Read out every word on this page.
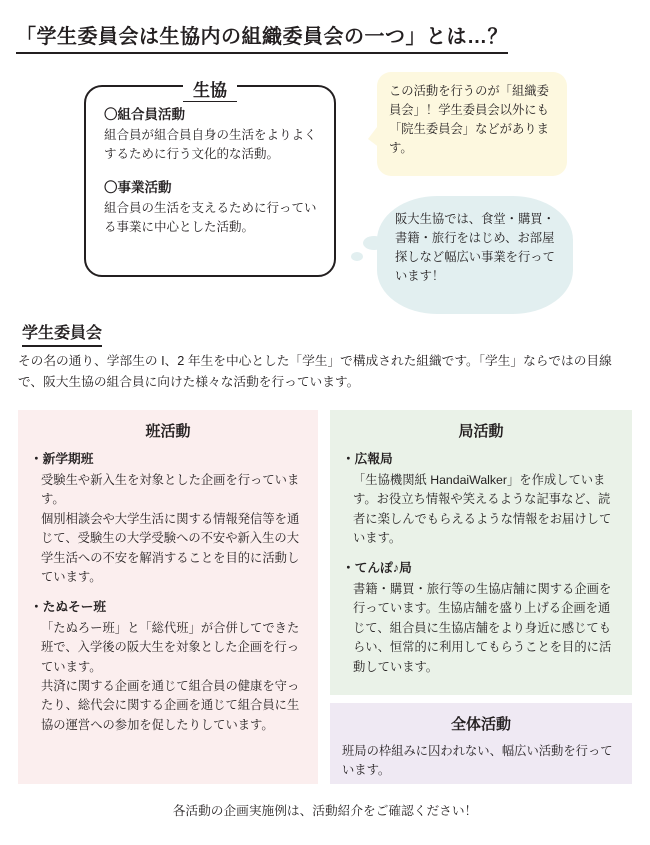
「学生委員会は生協内の組織委員会の一つ」とは…？

〇組合員活動

組合員が組合員自身の生活をよりよくするために行う文化的な活動。

〇事業活動

組合員の生活を支えるために行っている事業に中心とした活動。

生協	この活動を行うのが「組織委員会」！学生委員会以外にも「院生委員会」などがあります。
阪大生協では、食堂・購買・書籍・旅行をはじめ、お部屋探しなど幅広い事業を行っています！
学生委員会
その名の通り、学部生の I、2 年生を中心とした「学生」で構成された組織です。「学生」ならではの目線で、阪大生協の組合員に向けた様々な活動を行っています。
班活動

・新学期班

受験生や新入生を対象とした企画を行っています。

個別相談会や大学生活に関する情報発信等を通じて、受験生の大学受験への不安や新入生の大学生活への不安を解消することを目的に活動しています。

・たぬそー班

「たぬろー班」と「総代班」が合併してできた班で、入学後の阪大生を対象とした企画を行っています。

共済に関する企画を通じて組合員の健康を守ったり、総代会に関する企画を通じて組合員に生協の運営への参加を促したりしています。

局活動

・広報局

「生協機関紙 HandaiWalker」を作成しています。お役立ち情報や笑えるような記事など、読者に楽しんでもらえるような情報をお届けしています。

・てんぽ♪局

書籍・購買・旅行等の生協店舗に関する企画を行っています。生協店舗を盛り上げる企画を通じて、組合員に生協店舗をより身近に感じてもらい、恒常的に利用してもらうことを目的に活動しています。

全体活動

班局の枠組みに囚われない、幅広い活動を行っています。

各活動の企画実施例は、活動紹介をご確認ください！
